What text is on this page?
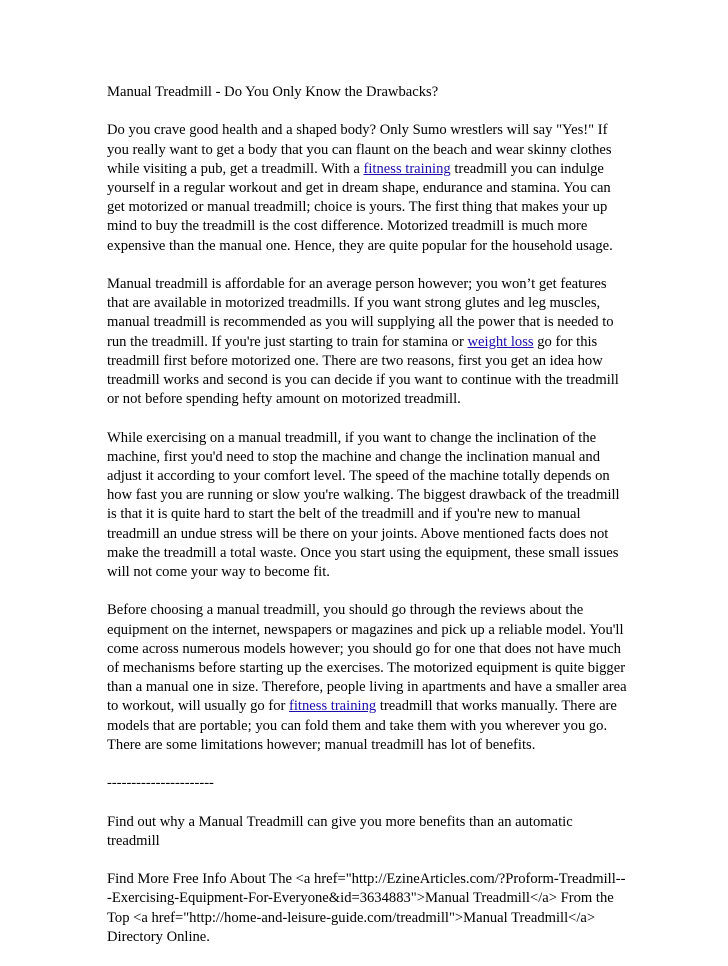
Manual Treadmill - Do You Only Know the Drawbacks?

Do you crave good health and a shaped body? Only Sumo wrestlers will say "Yes!" If you really want to get a body that you can flaunt on the beach and wear skinny clothes while visiting a pub, get a treadmill. With a fitness training treadmill you can indulge yourself in a regular workout and get in dream shape, endurance and stamina. You can get motorized or manual treadmill; choice is yours. The first thing that makes your up mind to buy the treadmill is the cost difference. Motorized treadmill is much more expensive than the manual one. Hence, they are quite popular for the household usage.

Manual treadmill is affordable for an average person however; you won’t get features that are available in motorized treadmills. If you want strong glutes and leg muscles, manual treadmill is recommended as you will supplying all the power that is needed to run the treadmill. If you're just starting to train for stamina or weight loss go for this treadmill first before motorized one. There are two reasons, first you get an idea how treadmill works and second is you can decide if you want to continue with the treadmill or not before spending hefty amount on motorized treadmill.

While exercising on a manual treadmill, if you want to change the inclination of the machine, first you'd need to stop the machine and change the inclination manual and adjust it according to your comfort level. The speed of the machine totally depends on how fast you are running or slow you're walking. The biggest drawback of the treadmill is that it is quite hard to start the belt of the treadmill and if you're new to manual treadmill an undue stress will be there on your joints. Above mentioned facts does not make the treadmill a total waste. Once you start using the equipment, these small issues will not come your way to become fit.

Before choosing a manual treadmill, you should go through the reviews about the equipment on the internet, newspapers or magazines and pick up a reliable model. You'll come across numerous models however; you should go for one that does not have much of mechanisms before starting up the exercises. The motorized equipment is quite bigger than a manual one in size. Therefore, people living in apartments and have a smaller area to workout, will usually go for fitness training treadmill that works manually. There are models that are portable; you can fold them and take them with you wherever you go. There are some limitations however; manual treadmill has lot of benefits.

----------------------

Find out why a Manual Treadmill can give you more benefits than an automatic treadmill

Find More Free Info About The <a href="http://EzineArticles.com/?Proform-Treadmill---Exercising-Equipment-For-Everyone&id=3634883">Manual Treadmill</a> From the Top <a href="http://home-and-leisure-guide.com/treadmill">Manual Treadmill</a> Directory Online.
